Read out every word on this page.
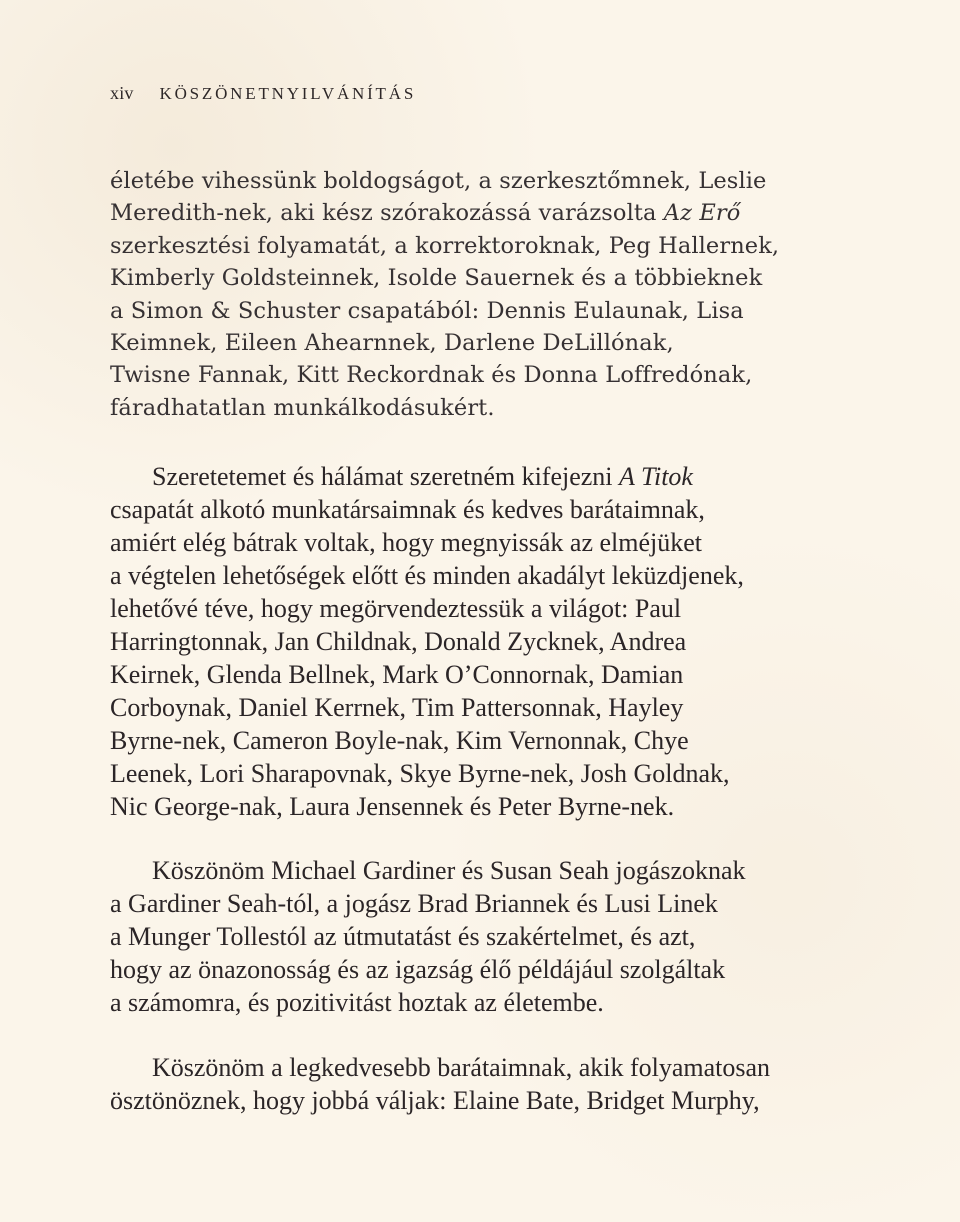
xiv KÖSZÖNETNYILVÁNÍTÁS
életébe vihessünk boldogságot, a szerkesztőmnek, Leslie
Meredith-nek, aki kész szórakozássá varázsolta Az Erő
szerkesztési folyamatát, a korrektoroknak, Peg Hallernek,
Kimberly Goldsteinnek, Isolde Sauernek és a többieknek
a Simon & Schuster csapatából: Dennis Eulaunak, Lisa
Keimnek, Eileen Ahearnnek, Darlene DeLillónak,
Twisne Fannak, Kitt Reckordnak és Donna Loffredónak,
fáradhatatlan munkálkodásukért.
Szeretetemet és hálámat szeretném kifejezni A Titok
csapatát alkotó munkatársaimnak és kedves barátaimnak,
amiért elég bátrak voltak, hogy megnyissák az elméjüket
a végtelen lehetőségek előtt és minden akadályt leküzdjenek,
lehetővé téve, hogy megörvendeztessük a világot: Paul
Harringtonnak, Jan Childnak, Donald Zycknek, Andrea
Keirnek, Glenda Bellnek, Mark O’Connornak, Damian
Corboynak, Daniel Kerrnek, Tim Pattersonnak, Hayley
Byrne-nek, Cameron Boyle-nak, Kim Vernonnak, Chye
Leenek, Lori Sharapovnak, Skye Byrne-nek, Josh Goldnak,
Nic George-nak, Laura Jensennek és Peter Byrne-nek.
Köszönöm Michael Gardiner és Susan Seah jogászoknak
a Gardiner Seah-tól, a jogász Brad Briannek és Lusi Linek
a Munger Tollestól az útmutatást és szakértelmet, és azt,
hogy az önazonosság és az igazság élő példájául szolgáltak
a számomra, és pozitivitást hoztak az életembe.
Köszönöm a legkedvesebb barátaimnak, akik folyamatosan
ösztönöznek, hogy jobbá váljak: Elaine Bate, Bridget Murphy,
